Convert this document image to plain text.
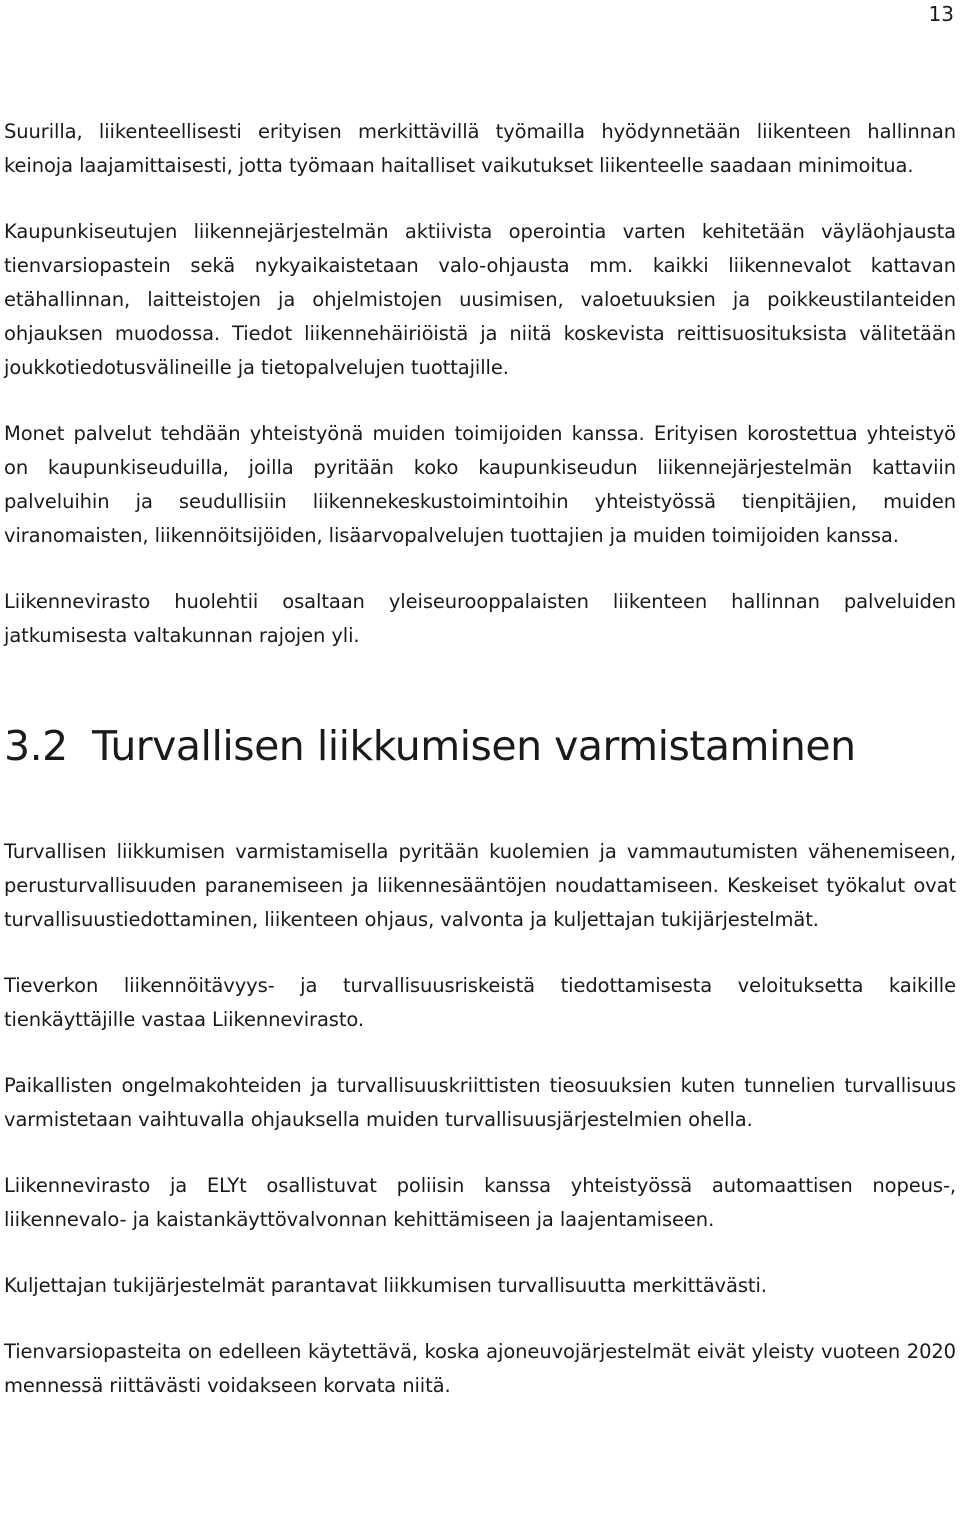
13

Suurilla, liikenteellisesti erityisen merkittävillä työmailla hyödynnetään liikenteen hallinnan keinoja laajamittaisesti, jotta työmaan haitalliset vaikutukset liikenteelle saadaan minimoitua.

Kaupunkiseutujen liikennejärjestelmän aktiivista operointia varten kehitetään väyläohjausta tienvarsiopastein sekä nykyaikaistetaan valo-ohjausta mm. kaikki liikennevalot kattavan etähallinnan, laitteistojen ja ohjelmistojen uusimisen, valoetuuksien ja poikkeustilanteiden ohjauksen muodossa. Tiedot liikennehäiriöistä ja niitä koskevista reittisuosituksista välitetään joukkotiedotusvälineille ja tietopalvelujen tuottajille.

Monet palvelut tehdään yhteistyönä muiden toimijoiden kanssa. Erityisen korostettua yhteistyö on kaupunkiseuduilla, joilla pyritään koko kaupunkiseudun liikennejärjestelmän kattaviin palveluihin ja seudullisiin liikennekeskustoimintoihin yhteistyössä tienpitäjien, muiden viranomaisten, liikennöitsijöiden, lisäarvopalvelujen tuottajien ja muiden toimijoiden kanssa.

Liikennevirasto huolehtii osaltaan yleiseurooppalaisten liikenteen hallinnan palveluiden jatkumisesta valtakunnan rajojen yli.

3.2 Turvallisen liikkumisen varmistaminen

Turvallisen liikkumisen varmistamisella pyritään kuolemien ja vammautumisten vähenemiseen, perusturvallisuuden paranemiseen ja liikennesääntöjen noudattamiseen. Keskeiset työkalut ovat turvallisuustiedottaminen, liikenteen ohjaus, valvonta ja kuljettajan tukijärjestelmät.

Tieverkon liikennöitävyys- ja turvallisuusriskeistä tiedottamisesta veloituksetta kaikille tienkäyttäjille vastaa Liikennevirasto.

Paikallisten ongelmakohteiden ja turvallisuuskriittisten tieosuuksien kuten tunnelien turvallisuus varmistetaan vaihtuvalla ohjauksella muiden turvallisuusjärjestelmien ohella.

Liikennevirasto ja ELYt osallistuvat poliisin kanssa yhteistyössä automaattisen nopeus-, liikennevalo- ja kaistankäyttövalvonnan kehittämiseen ja laajentamiseen.

Kuljettajan tukijärjestelmät parantavat liikkumisen turvallisuutta merkittävästi.

Tienvarsiopasteita on edelleen käytettävä, koska ajoneuvojärjestelmät eivät yleisty vuoteen 2020 mennessä riittävästi voidakseen korvata niitä.
